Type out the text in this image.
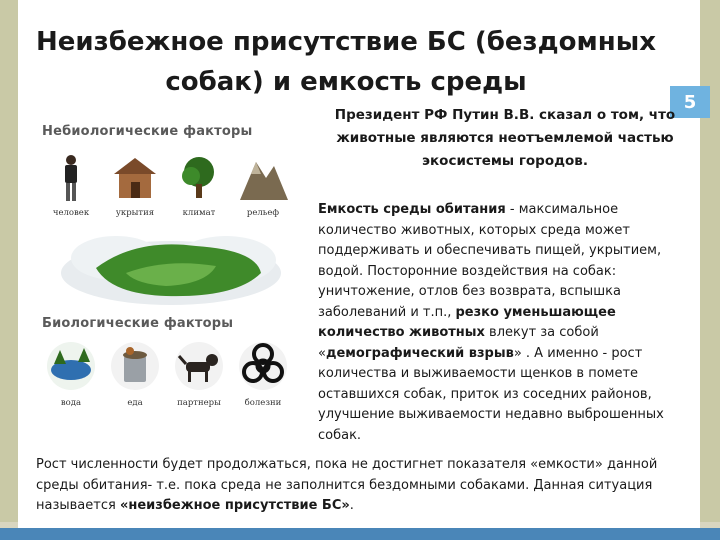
Неизбежное присутствие БС (бездомных собак) и емкость среды
5
Президент РФ Путин В.В. сказал о том, что животные являются неотъемлемой частью экосистемы городов.
Емкость среды обитания - максимальное количество животных, которых среда может поддерживать и обеспечивать пищей, укрытием, водой. Посторонние воздействия на собак: уничтожение, отлов без возврата, вспышка заболеваний и т.п., резко уменьшающее количество животных влекут за собой «демографический взрыв» . А именно - рост количества и выживаемости щенков в помете оставшихся собак, приток из соседних районов, улучшение выживаемости недавно выброшенных собак.
Рост численности будет продолжаться, пока не достигнет показателя «емкости» данной среды обитания- т.е. пока среда не заполнится бездомными собаками. Данная ситуация называется «неизбежное присутствие БС».
Небиологические факторы
человек	укрытия	климат	рельеф
Биологические факторы
вода	еда	партнеры	болезни
